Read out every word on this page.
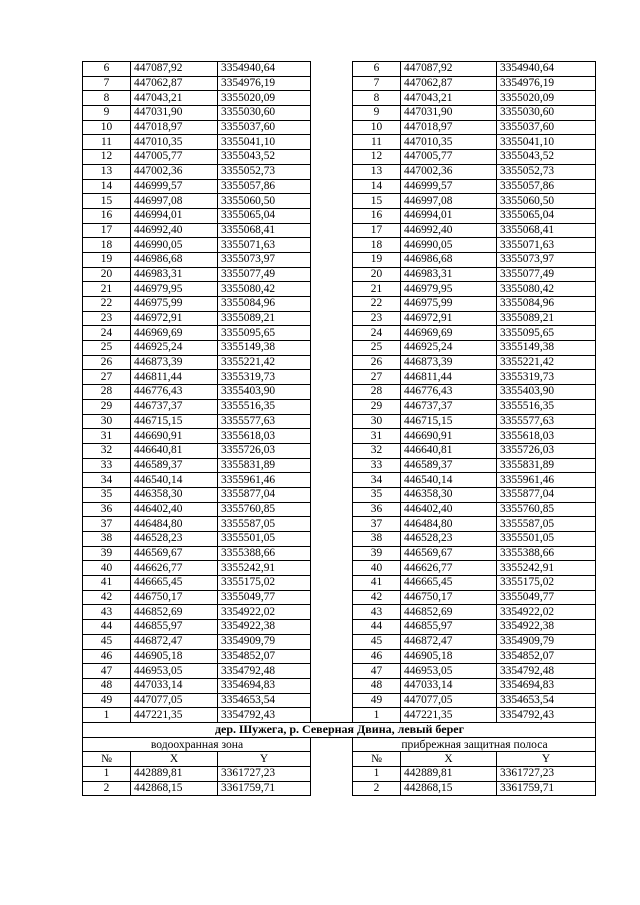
6	447087,92	3354940,64		6	447087,92	3354940,64
7	447062,87	3354976,19		7	447062,87	3354976,19
8	447043,21	3355020,09		8	447043,21	3355020,09
9	447031,90	3355030,60		9	447031,90	3355030,60
10	447018,97	3355037,60		10	447018,97	3355037,60
11	447010,35	3355041,10		11	447010,35	3355041,10
12	447005,77	3355043,52		12	447005,77	3355043,52
13	447002,36	3355052,73		13	447002,36	3355052,73
14	446999,57	3355057,86		14	446999,57	3355057,86
15	446997,08	3355060,50		15	446997,08	3355060,50
16	446994,01	3355065,04		16	446994,01	3355065,04
17	446992,40	3355068,41		17	446992,40	3355068,41
18	446990,05	3355071,63		18	446990,05	3355071,63
19	446986,68	3355073,97		19	446986,68	3355073,97
20	446983,31	3355077,49		20	446983,31	3355077,49
21	446979,95	3355080,42		21	446979,95	3355080,42
22	446975,99	3355084,96		22	446975,99	3355084,96
23	446972,91	3355089,21		23	446972,91	3355089,21
24	446969,69	3355095,65		24	446969,69	3355095,65
25	446925,24	3355149,38		25	446925,24	3355149,38
26	446873,39	3355221,42		26	446873,39	3355221,42
27	446811,44	3355319,73		27	446811,44	3355319,73
28	446776,43	3355403,90		28	446776,43	3355403,90
29	446737,37	3355516,35		29	446737,37	3355516,35
30	446715,15	3355577,63		30	446715,15	3355577,63
31	446690,91	3355618,03		31	446690,91	3355618,03
32	446640,81	3355726,03		32	446640,81	3355726,03
33	446589,37	3355831,89		33	446589,37	3355831,89
34	446540,14	3355961,46		34	446540,14	3355961,46
35	446358,30	3355877,04		35	446358,30	3355877,04
36	446402,40	3355760,85		36	446402,40	3355760,85
37	446484,80	3355587,05		37	446484,80	3355587,05
38	446528,23	3355501,05		38	446528,23	3355501,05
39	446569,67	3355388,66		39	446569,67	3355388,66
40	446626,77	3355242,91		40	446626,77	3355242,91
41	446665,45	3355175,02		41	446665,45	3355175,02
42	446750,17	3355049,77		42	446750,17	3355049,77
43	446852,69	3354922,02		43	446852,69	3354922,02
44	446855,97	3354922,38		44	446855,97	3354922,38
45	446872,47	3354909,79		45	446872,47	3354909,79
46	446905,18	3354852,07		46	446905,18	3354852,07
47	446953,05	3354792,48		47	446953,05	3354792,48
48	447033,14	3354694,83		48	447033,14	3354694,83
49	447077,05	3354653,54		49	447077,05	3354653,54
1	447221,35	3354792,43		1	447221,35	3354792,43
дер. Шужега, р. Северная Двина, левый берег						
водоохранная зона				прибрежная защитная полоса		
№	X	Y		№	X	Y
1	442889,81	3361727,23		1	442889,81	3361727,23
2	442868,15	3361759,71		2	442868,15	3361759,71
